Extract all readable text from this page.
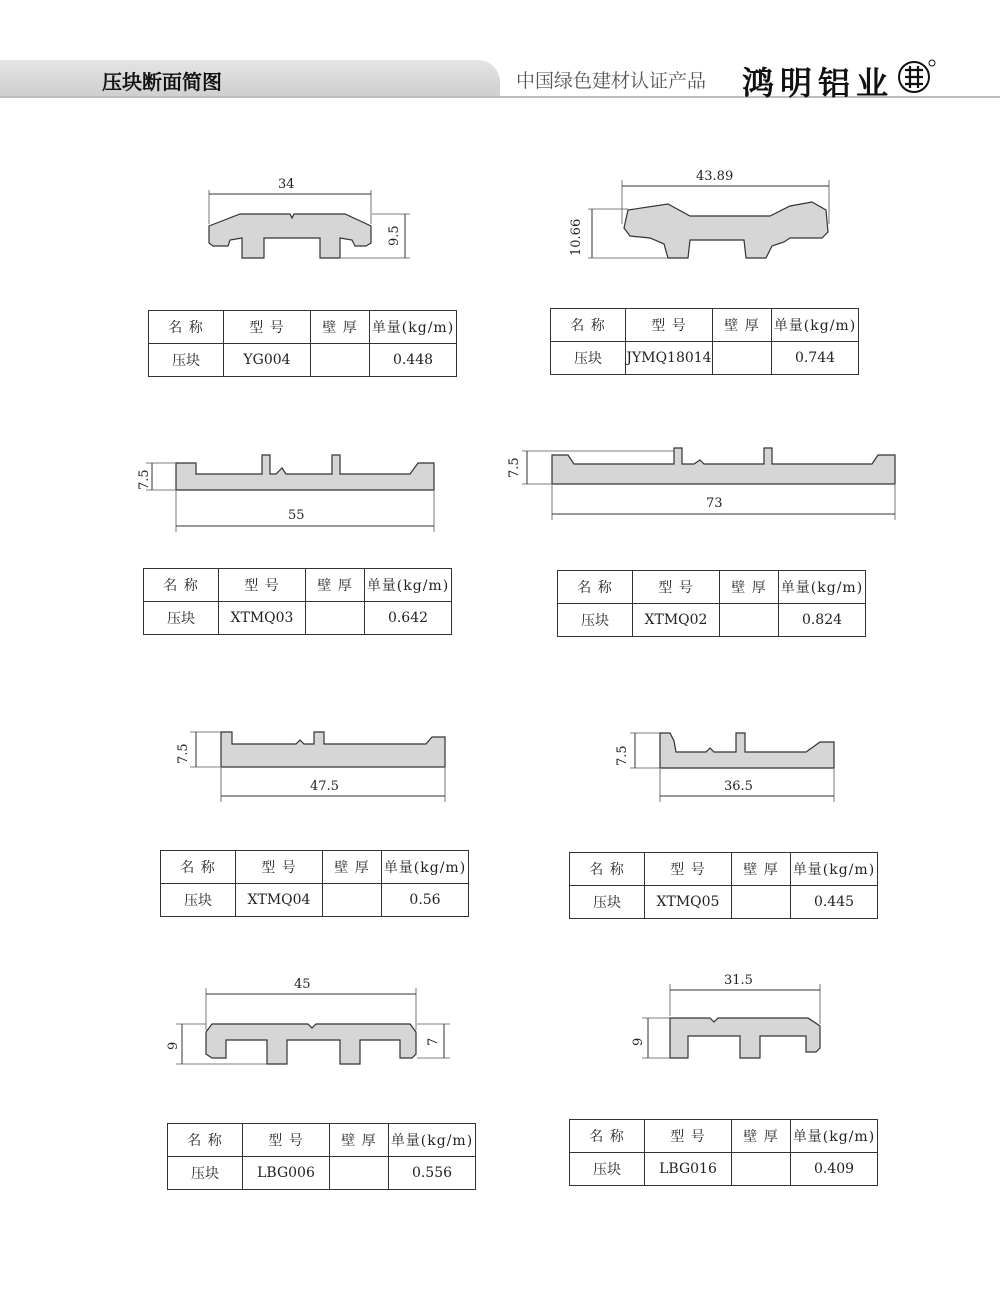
压块断面简图	中国绿色建材认证产品 鸿明铝业
34
9.5
43.89
10.66
7.5
55
7.5
73
7.5
47.5
7.5
36.5
45
9	7
31.5
9
名 称	型 号	壁 厚	单量(kg/m)
压块	YG004		0.448
名 称	型 号	壁 厚	单量(kg/m)
压块	JYMQ18014		0.744
名 称	型 号	壁 厚	单量(kg/m)
压块	XTMQ03		0.642
名 称	型 号	壁 厚	单量(kg/m)
压块	XTMQ02		0.824
名 称	型 号	壁 厚	单量(kg/m)
压块	XTMQ04		0.56
名 称	型 号	壁 厚	单量(kg/m)
压块	XTMQ05		0.445
名 称	型 号	壁 厚	单量(kg/m)
压块	LBG006		0.556
名 称	型 号	壁 厚	单量(kg/m)
压块	LBG016		0.409
